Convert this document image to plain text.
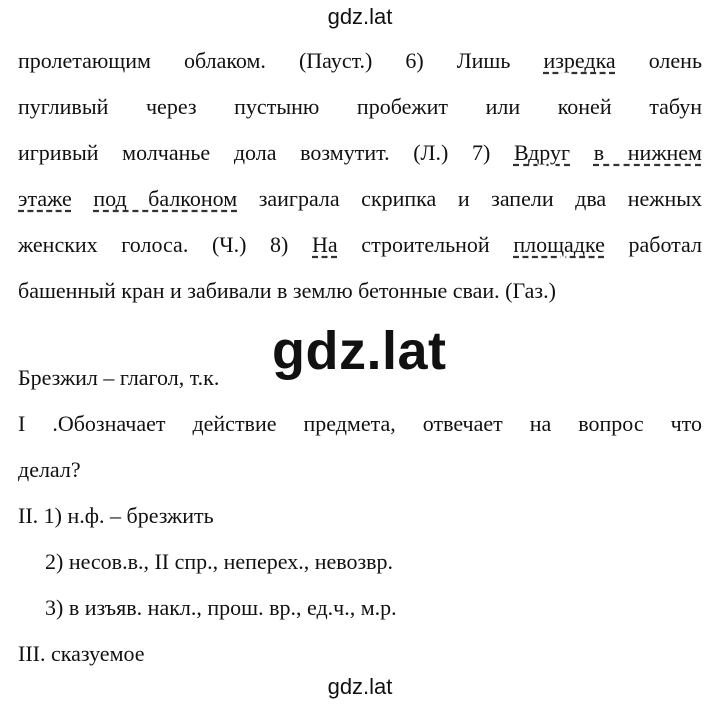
gdz.lat
пролетающим облаком. (Пауст.) 6) Лишь изредка олень
пугливый через пустыню пробежит или коней табун
игривый молчанье дола возмутит. (Л.) 7) Вдруг в нижнем
этаже под балконом заиграла скрипка и запели два нежных
женских голоса. (Ч.) 8) На строительной площадке работал
башенный кран и забивали в землю бетонные сваи. (Газ.)
gdz.lat
Брезжил – глагол, т.к.
I .Обозначает действие предмета, отвечает на вопрос что
делал?
II. 1) н.ф. – брезжить
2) несов.в., II спр., неперех., невозвр.
3) в изъяв. накл., прош. вр., ед.ч., м.р.
III. сказуемое
gdz.lat
